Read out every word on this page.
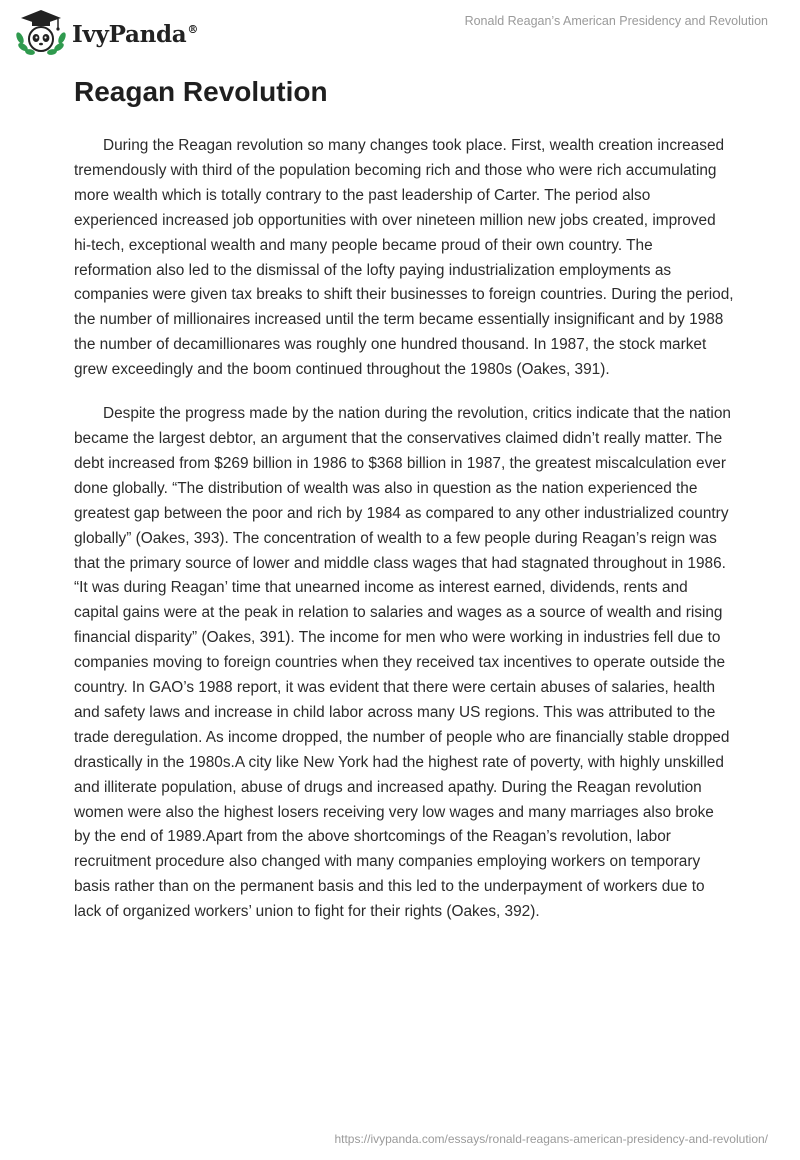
IvyPanda®
Ronald Reagan’s American Presidency and Revolution
Reagan Revolution

During the Reagan revolution so many changes took place. First, wealth creation increased tremendously with third of the population becoming rich and those who were rich accumulating more wealth which is totally contrary to the past leadership of Carter. The period also experienced increased job opportunities with over nineteen million new jobs created, improved hi-tech, exceptional wealth and many people became proud of their own country. The reformation also led to the dismissal of the lofty paying industrialization employments as companies were given tax breaks to shift their businesses to foreign countries. During the period, the number of millionaires increased until the term became essentially insignificant and by 1988 the number of decamillionares was roughly one hundred thousand. In 1987, the stock market grew exceedingly and the boom continued throughout the 1980s (Oakes, 391).

Despite the progress made by the nation during the revolution, critics indicate that the nation became the largest debtor, an argument that the conservatives claimed didn’t really matter. The debt increased from $269 billion in 1986 to $368 billion in 1987, the greatest miscalculation ever done globally. “The distribution of wealth was also in question as the nation experienced the greatest gap between the poor and rich by 1984 as compared to any other industrialized country globally” (Oakes, 393). The concentration of wealth to a few people during Reagan’s reign was that the primary source of lower and middle class wages that had stagnated throughout in 1986. “It was during Reagan’ time that unearned income as interest earned, dividends, rents and capital gains were at the peak in relation to salaries and wages as a source of wealth and rising financial disparity” (Oakes, 391). The income for men who were working in industries fell due to companies moving to foreign countries when they received tax incentives to operate outside the country. In GAO’s 1988 report, it was evident that there were certain abuses of salaries, health and safety laws and increase in child labor across many US regions. This was attributed to the trade deregulation. As income dropped, the number of people who are financially stable dropped drastically in the 1980s.A city like New York had the highest rate of poverty, with highly unskilled and illiterate population, abuse of drugs and increased apathy. During the Reagan revolution women were also the highest losers receiving very low wages and many marriages also broke by the end of 1989.Apart from the above shortcomings of the Reagan’s revolution, labor recruitment procedure also changed with many companies employing workers on temporary basis rather than on the permanent basis and this led to the underpayment of workers due to lack of organized workers’ union to fight for their rights (Oakes, 392).

https://ivypanda.com/essays/ronald-reagans-american-presidency-and-revolution/
